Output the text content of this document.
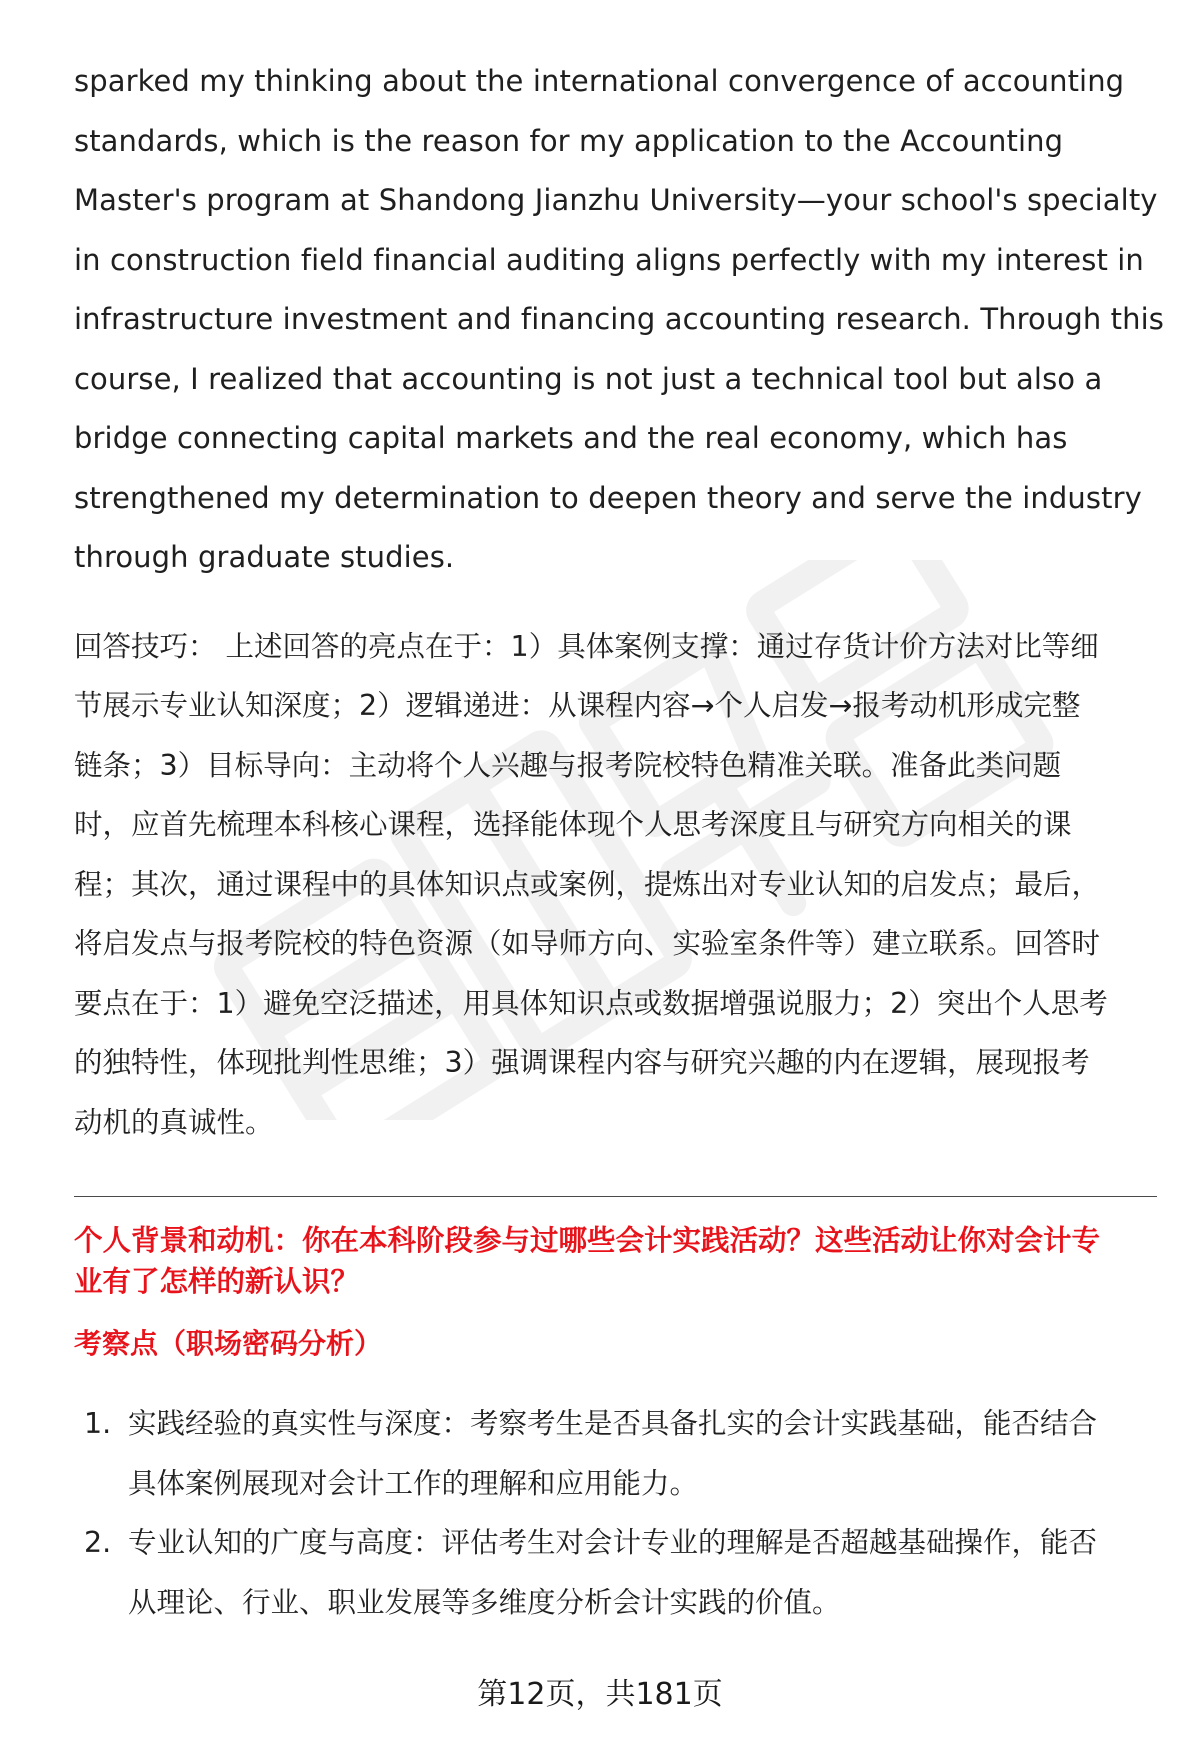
sparked my thinking about the international convergence of accounting
standards, which is the reason for my application to the Accounting
Master's program at Shandong Jianzhu University—your school's specialty
in construction field financial auditing aligns perfectly with my interest in
infrastructure investment and financing accounting research. Through this
course, I realized that accounting is not just a technical tool but also a
bridge connecting capital markets and the real economy, which has
strengthened my determination to deepen theory and serve the industry
through graduate studies.

回答技巧： 上述回答的亮点在于：1）具体案例支撑：通过存货计价方法对比等细
节展示专业认知深度；2）逻辑递进：从课程内容→个人启发→报考动机形成完整
链条；3）目标导向：主动将个人兴趣与报考院校特色精准关联。准备此类问题
时，应首先梳理本科核心课程，选择能体现个人思考深度且与研究方向相关的课
程；其次，通过课程中的具体知识点或案例，提炼出对专业认知的启发点；最后，
将启发点与报考院校的特色资源（如导师方向、实验室条件等）建立联系。回答时
要点在于：1）避免空泛描述，用具体知识点或数据增强说服力；2）突出个人思考
的独特性，体现批判性思维；3）强调课程内容与研究兴趣的内在逻辑，展现报考
动机的真诚性。

个人背景和动机：你在本科阶段参与过哪些会计实践活动？这些活动让你对会计专
业有了怎样的新认识？
考察点（职场密码分析）
1. 实践经验的真实性与深度：考察考生是否具备扎实的会计实践基础，能否结合
具体案例展现对会计工作的理解和应用能力。
2. 专业认知的广度与高度：评估考生对会计专业的理解是否超越基础操作，能否
从理论、行业、职业发展等多维度分析会计实践的价值。
第12页，共181页
